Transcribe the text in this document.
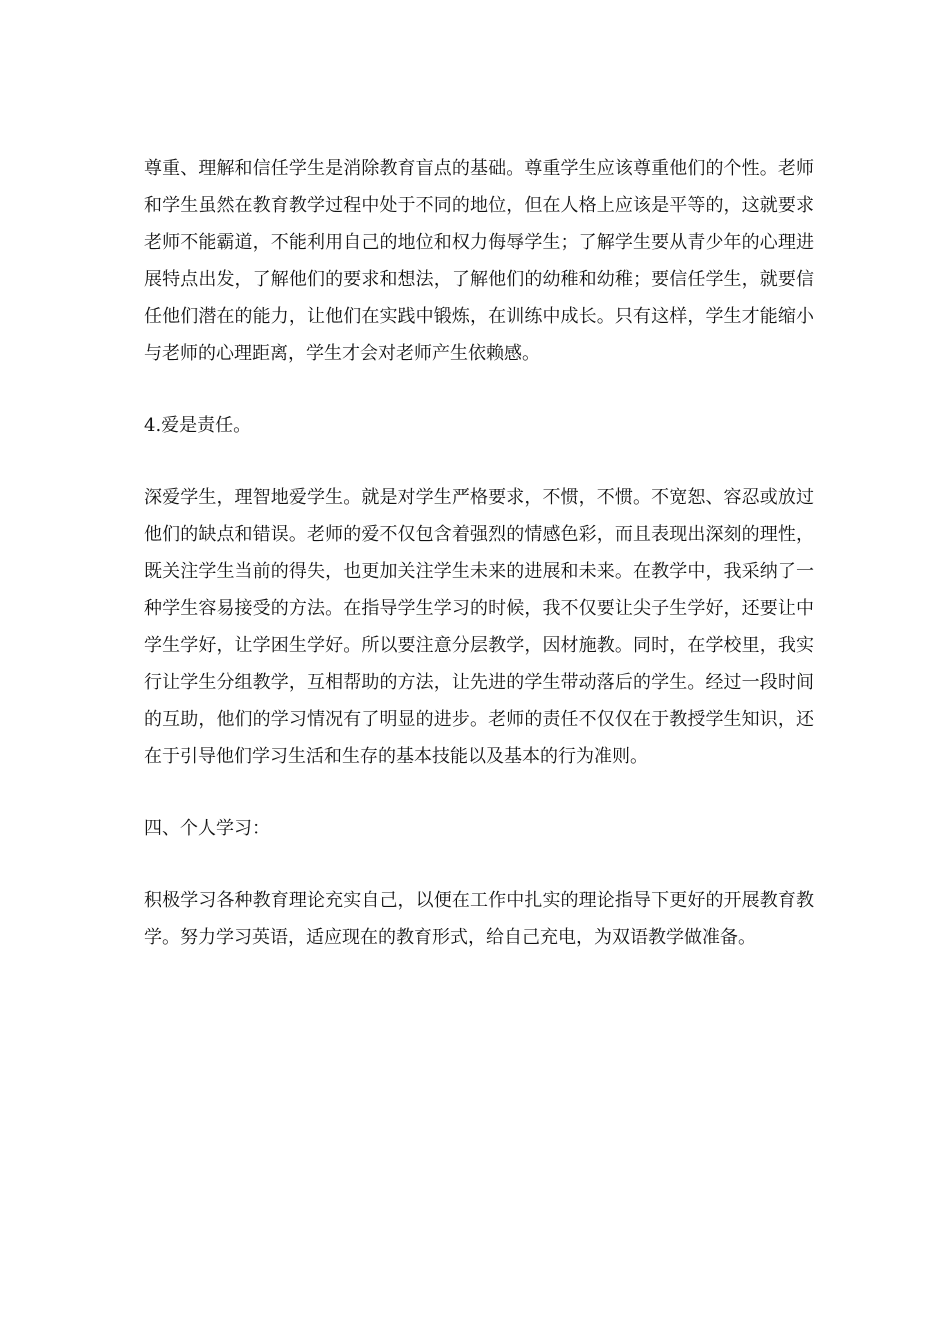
尊重、理解和信任学生是消除教育盲点的基础。尊重学生应该尊重他们的个性。老师和学生虽然在教育教学过程中处于不同的地位，但在人格上应该是平等的，这就要求老师不能霸道，不能利用自己的地位和权力侮辱学生；了解学生要从青少年的心理进展特点出发，了解他们的要求和想法，了解他们的幼稚和幼稚；要信任学生，就要信任他们潜在的能力，让他们在实践中锻炼，在训练中成长。只有这样，学生才能缩小与老师的心理距离，学生才会对老师产生依赖感。

4.爱是责任。

深爱学生，理智地爱学生。就是对学生严格要求，不惯，不惯。不宽恕、容忍或放过他们的缺点和错误。老师的爱不仅包含着强烈的情感色彩，而且表现出深刻的理性，既关注学生当前的得失，也更加关注学生未来的进展和未来。在教学中，我采纳了一种学生容易接受的方法。在指导学生学习的时候，我不仅要让尖子生学好，还要让中学生学好，让学困生学好。所以要注意分层教学，因材施教。同时，在学校里，我实行让学生分组教学，互相帮助的方法，让先进的学生带动落后的学生。经过一段时间的互助，他们的学习情况有了明显的进步。老师的责任不仅仅在于教授学生知识，还在于引导他们学习生活和生存的基本技能以及基本的行为准则。

四、个人学习：

积极学习各种教育理论充实自己，以便在工作中扎实的理论指导下更好的开展教育教学。努力学习英语，适应现在的教育形式，给自己充电，为双语教学做准备。
